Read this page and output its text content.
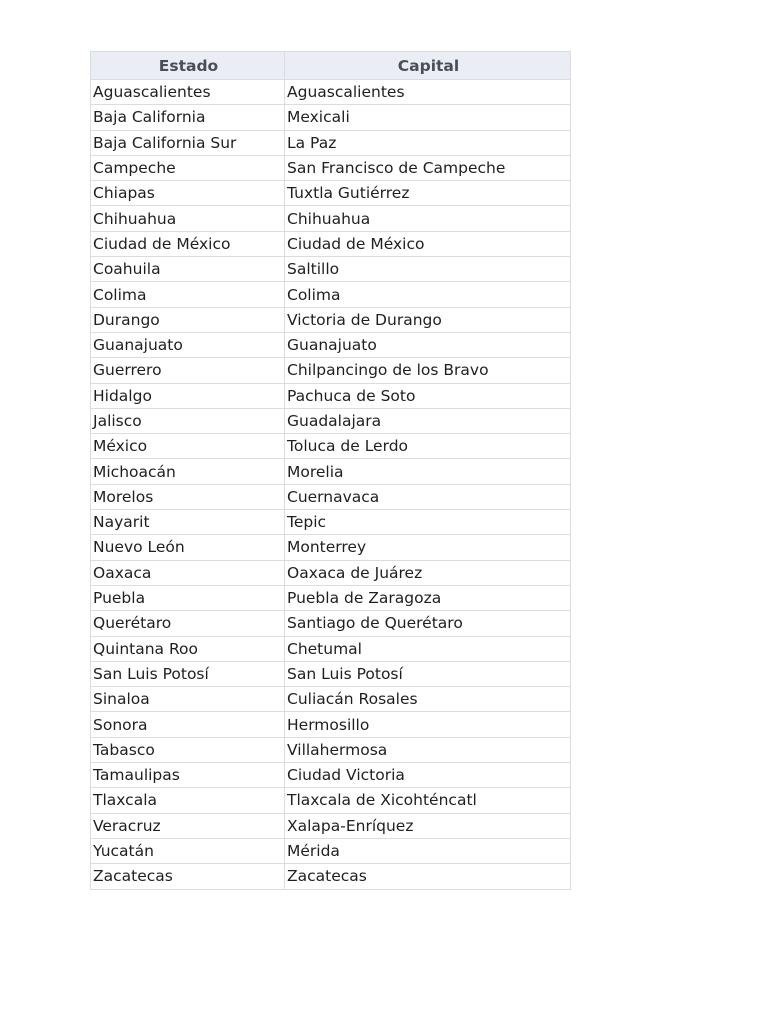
Estado	Capital
Aguascalientes	Aguascalientes
Baja California	Mexicali
Baja California Sur	La Paz
Campeche	San Francisco de Campeche
Chiapas	Tuxtla Gutiérrez
Chihuahua	Chihuahua
Ciudad de México	Ciudad de México
Coahuila	Saltillo
Colima	Colima
Durango	Victoria de Durango
Guanajuato	Guanajuato
Guerrero	Chilpancingo de los Bravo
Hidalgo	Pachuca de Soto
Jalisco	Guadalajara
México	Toluca de Lerdo
Michoacán	Morelia
Morelos	Cuernavaca
Nayarit	Tepic
Nuevo León	Monterrey
Oaxaca	Oaxaca de Juárez
Puebla	Puebla de Zaragoza
Querétaro	Santiago de Querétaro
Quintana Roo	Chetumal
San Luis Potosí	San Luis Potosí
Sinaloa	Culiacán Rosales
Sonora	Hermosillo
Tabasco	Villahermosa
Tamaulipas	Ciudad Victoria
Tlaxcala	Tlaxcala de Xicohténcatl
Veracruz	Xalapa-Enríquez
Yucatán	Mérida
Zacatecas	Zacatecas
